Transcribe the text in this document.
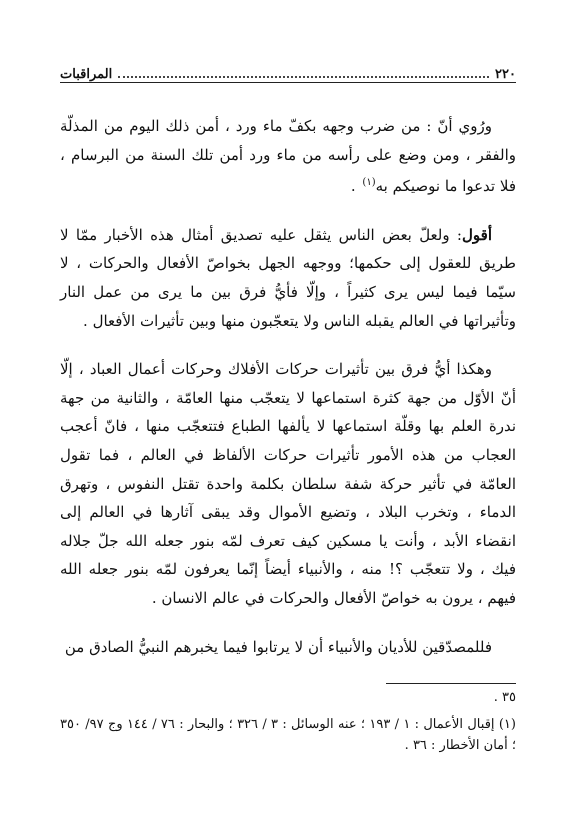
٢٢٠
المراقبات

ورُوي أنّ : من ضرب وجهه بكفّ ماء ورد ، أمن ذلك اليوم من المذلّة والفقر ، ومن وضع على رأسه من ماء ورد أمن تلك السنة من البرسام ، فلا تدعوا ما نوصيكم به$^{(١)}$ .

أقول: ولعلّ بعض الناس يثقل عليه تصديق أمثال هذه الأخبار ممّا لا طريق للعقول إلى حكمها؛ ووجهه الجهل بخواصّ الأفعال والحركات ، لا سيّما فيما ليس يرى كثيراً ، وإلّا فأيُّ فرق بين ما يرى من عمل النار وتأثيراتها في العالم يقبله الناس ولا يتعجّبون منها وبين تأثيرات الأفعال .

وهكذا أيُّ فرق بين تأثيرات حركات الأفلاك وحركات أعمال العباد ، إلّا أنّ الأوّل من جهة كثرة استماعها لا يتعجّب منها العامّة ، والثانية من جهة ندرة العلم بها وقلّة استماعها لا يألفها الطباع فتتعجّب منها ، فانّ أعجب العجاب من هذه الأمور تأثيرات حركات الألفاظ في العالم ، فما تقول العامّة في تأثير حركة شفة سلطان بكلمة واحدة تقتل النفوس ، وتهرق الدماء ، وتخرب البلاد ، وتضيع الأموال وقد يبقى آثارها في العالم إلى انقضاء الأبد ، وأنت يا مسكين كيف تعرف لمّه بنور جعله الله جلّ جلاله فيك ، ولا تتعجّب ؟! منه ، والأنبياء أيضاً إنّما يعرفون لمّه بنور جعله الله فيهم ، يرون به خواصّ الأفعال والحركات في عالم الانسان .

فللمصدّقين للأديان والأنبياء أن لا يرتابوا فيما يخبرهم النبيُّ الصادق من

٣٥ .
(١) إقبال الأعمال : ١ / ١٩٣ ؛ عنه الوسائل : ٣ / ٣٢٦ ؛ والبحار : ٧٦ / ١٤٤ وج ٩٧/ ٣٥٠ ؛ أمان الأخطار : ٣٦ .
